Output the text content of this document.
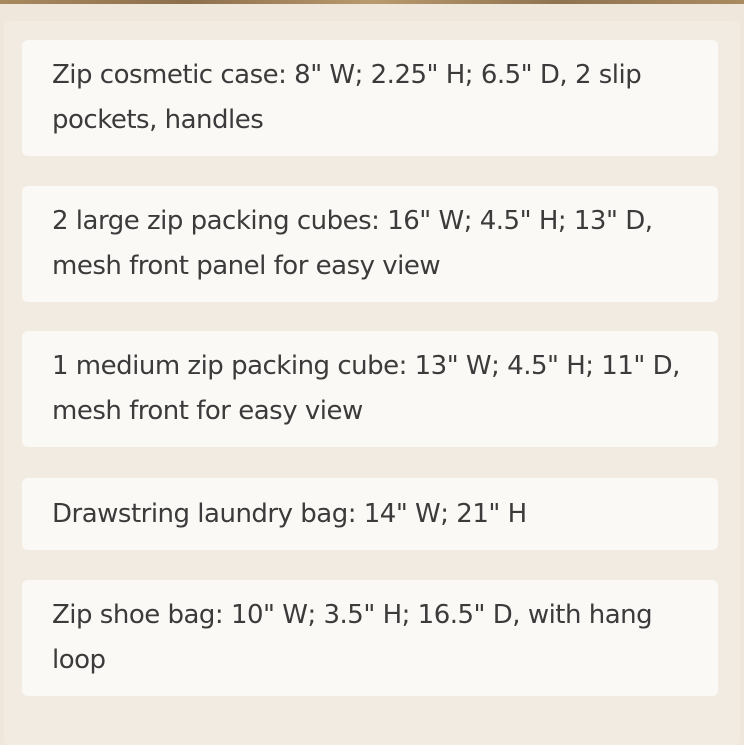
Zip cosmetic case: 8" W; 2.25" H; 6.5" D, 2 slip pockets, handles
2 large zip packing cubes: 16" W; 4.5" H; 13" D, mesh front panel for easy view
1 medium zip packing cube: 13" W; 4.5" H; 11" D, mesh front for easy view
Drawstring laundry bag: 14" W; 21" H
Zip shoe bag: 10" W; 3.5" H; 16.5" D, with hang loop
